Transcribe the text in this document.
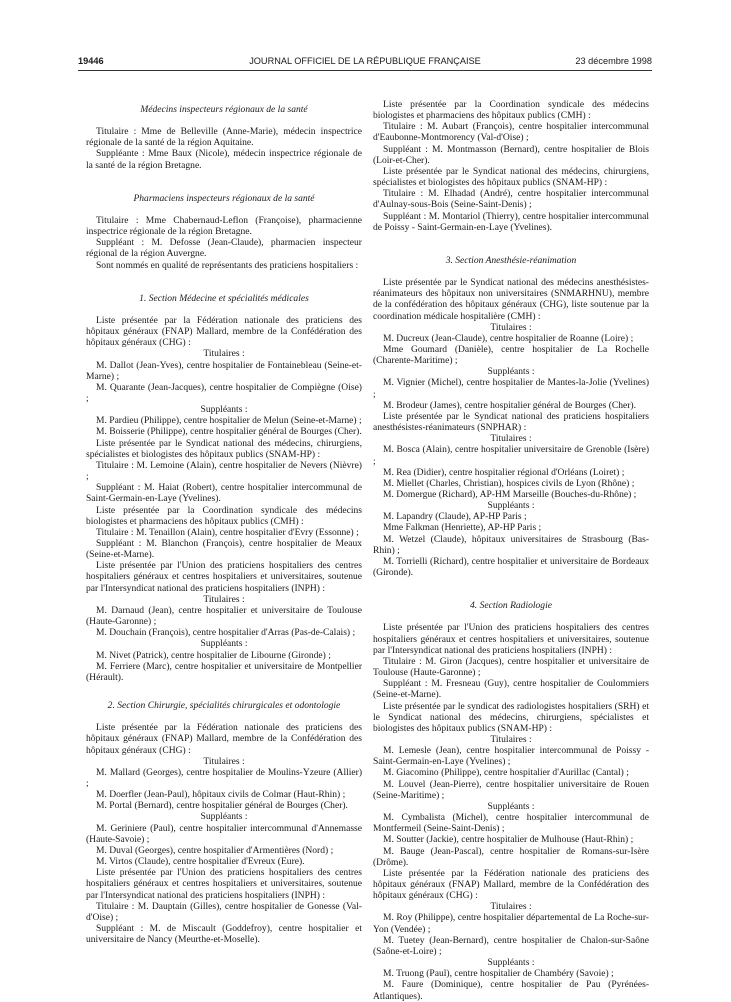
JOURNAL OFFICIEL DE LA RÉPUBLIQUE FRANÇAISE
19446	23 décembre 1998

Médecins inspecteurs régionaux de la santé

Titulaire : Mme de Belleville (Anne-Marie), médecin inspectrice régionale de la santé de la région Aquitaine.

Suppléante : Mme Baux (Nicole), médecin inspectrice régionale de la santé de la région Bretagne.

Pharmaciens inspecteurs régionaux de la santé

Titulaire : Mme Chabernaud-Leflon (Françoise), pharmacienne inspectrice régionale de la région Bretagne.

Suppléant : M. Defosse (Jean-Claude), pharmacien inspecteur régional de la région Auvergne.

Sont nommés en qualité de représentants des praticiens hospitaliers :

1. Section Médecine et spécialités médicales

Liste présentée par la Fédération nationale des praticiens des hôpitaux généraux (FNAP) Mallard, membre de la Confédération des hôpitaux généraux (CHG) :

Titulaires :

M. Dallot (Jean-Yves), centre hospitalier de Fontainebleau (Seine-et-Marne) ;

M. Quarante (Jean-Jacques), centre hospitalier de Compiègne (Oise) ;

Suppléants :

M. Pardieu (Philippe), centre hospitalier de Melun (Seine-et-Marne) ;

M. Boisserie (Philippe), centre hospitalier général de Bourges (Cher).

Liste présentée par le Syndicat national des médecins, chirurgiens, spécialistes et biologistes des hôpitaux publics (SNAM-HP) :

Titulaire : M. Lemoine (Alain), centre hospitalier de Nevers (Nièvre) ;

Suppléant : M. Haiat (Robert), centre hospitalier intercommunal de Saint-Germain-en-Laye (Yvelines).

Liste présentée par la Coordination syndicale des médecins biologistes et pharmaciens des hôpitaux publics (CMH) :

Titulaire : M. Tenaillon (Alain), centre hospitalier d'Evry (Essonne) ;

Suppléant : M. Blanchon (François), centre hospitalier de Meaux (Seine-et-Marne).

Liste présentée par l'Union des praticiens hospitaliers des centres hospitaliers généraux et centres hospitaliers et universitaires, soutenue par l'Intersyndicat national des praticiens hospitaliers (INPH) :

Titulaires :

M. Darnaud (Jean), centre hospitalier et universitaire de Toulouse (Haute-Garonne) ;

M. Douchain (François), centre hospitalier d'Arras (Pas-de-Calais) ;

Suppléants :

M. Nivet (Patrick), centre hospitalier de Libourne (Gironde) ;

M. Ferriere (Marc), centre hospitalier et universitaire de Montpellier (Hérault).

2. Section Chirurgie, spécialités chirurgicales et odontologie

Liste présentée par la Fédération nationale des praticiens des hôpitaux généraux (FNAP) Mallard, membre de la Confédération des hôpitaux généraux (CHG) :

Titulaires :

M. Mallard (Georges), centre hospitalier de Moulins-Yzeure (Allier) ;

M. Doerfler (Jean-Paul), hôpitaux civils de Colmar (Haut-Rhin) ;

M. Portal (Bernard), centre hospitalier général de Bourges (Cher).

Suppléants :

M. Geriniere (Paul), centre hospitalier intercommunal d'Annemasse (Haute-Savoie) ;

M. Duval (Georges), centre hospitalier d'Armentières (Nord) ;

M. Virtos (Claude), centre hospitalier d'Evreux (Eure).

Liste présentée par l'Union des praticiens hospitaliers des centres hospitaliers généraux et centres hospitaliers et universitaires, soutenue par l'Intersyndicat national des praticiens hospitaliers (INPH) :

Titulaire : M. Dauptain (Gilles), centre hospitalier de Gonesse (Val-d'Oise) ;

Suppléant : M. de Miscault (Goddefroy), centre hospitalier et universitaire de Nancy (Meurthe-et-Moselle).

Liste présentée par la Coordination syndicale des médecins biologistes et pharmaciens des hôpitaux publics (CMH) :

Titulaire : M. Aubart (François), centre hospitalier intercommunal d'Eaubonne-Montmorency (Val-d'Oise) ;

Suppléant : M. Montmasson (Bernard), centre hospitalier de Blois (Loir-et-Cher).

Liste présentée par le Syndicat national des médecins, chirurgiens, spécialistes et biologistes des hôpitaux publics (SNAM-HP) :

Titulaire : M. Elhadad (André), centre hospitalier intercommunal d'Aulnay-sous-Bois (Seine-Saint-Denis) ;

Suppléant : M. Montariol (Thierry), centre hospitalier intercommunal de Poissy - Saint-Germain-en-Laye (Yvelines).

3. Section Anesthésie-réanimation

Liste présentée par le Syndicat national des médecins anesthésistes-réanimateurs des hôpitaux non universitaires (SNMARHNU), membre de la confédération des hôpitaux généraux (CHG), liste soutenue par la coordination médicale hospitalière (CMH) :

Titulaires :

M. Ducreux (Jean-Claude), centre hospitalier de Roanne (Loire) ;

Mme Goumard (Danièle), centre hospitalier de La Rochelle (Charente-Maritime) ;

Suppléants :

M. Vignier (Michel), centre hospitalier de Mantes-la-Jolie (Yvelines) ;

M. Brodeur (James), centre hospitalier général de Bourges (Cher).

Liste présentée par le Syndicat national des praticiens hospitaliers anesthésistes-réanimateurs (SNPHAR) :

Titulaires :

M. Bosca (Alain), centre hospitalier universitaire de Grenoble (Isère) ;

M. Rea (Didier), centre hospitalier régional d'Orléans (Loiret) ;

M. Miellet (Charles, Christian), hospices civils de Lyon (Rhône) ;

M. Domergue (Richard), AP-HM Marseille (Bouches-du-Rhône) ;

Suppléants :

M. Lapandry (Claude), AP-HP Paris ;

Mme Falkman (Henriette), AP-HP Paris ;

M. Wetzel (Claude), hôpitaux universitaires de Strasbourg (Bas-Rhin) ;

M. Torrielli (Richard), centre hospitalier et universitaire de Bordeaux (Gironde).

4. Section Radiologie

Liste présentée par l'Union des praticiens hospitaliers des centres hospitaliers généraux et centres hospitaliers et universitaires, soutenue par l'Intersyndicat national des praticiens hospitaliers (INPH) :

Titulaire : M. Giron (Jacques), centre hospitalier et universitaire de Toulouse (Haute-Garonne) ;

Suppléant : M. Fresneau (Guy), centre hospitalier de Coulommiers (Seine-et-Marne).

Liste présentée par le syndicat des radiologistes hospitaliers (SRH) et le Syndicat national des médecins, chirurgiens, spécialistes et biologistes des hôpitaux publics (SNAM-HP) :

Titulaires :

M. Lemesle (Jean), centre hospitalier intercommunal de Poissy - Saint-Germain-en-Laye (Yvelines) ;

M. Giacomino (Philippe), centre hospitalier d'Aurillac (Cantal) ;

M. Louvel (Jean-Pierre), centre hospitalier universitaire de Rouen (Seine-Maritime) ;

Suppléants :

M. Cymbalista (Michel), centre hospitalier intercommunal de Montfermeil (Seine-Saint-Denis) ;

M. Soutter (Jackie), centre hospitalier de Mulhouse (Haut-Rhin) ;

M. Bauge (Jean-Pascal), centre hospitalier de Romans-sur-Isère (Drôme).

Liste présentée par la Fédération nationale des praticiens des hôpitaux généraux (FNAP) Mallard, membre de la Confédération des hôpitaux généraux (CHG) :

Titulaires :

M. Roy (Philippe), centre hospitalier départemental de La Roche-sur-Yon (Vendée) ;

M. Tuetey (Jean-Bernard), centre hospitalier de Chalon-sur-Saône (Saône-et-Loire) ;

Suppléants :

M. Truong (Paul), centre hospitalier de Chambéry (Savoie) ;

M. Faure (Dominique), centre hospitalier de Pau (Pyrénées-Atlantiques).
